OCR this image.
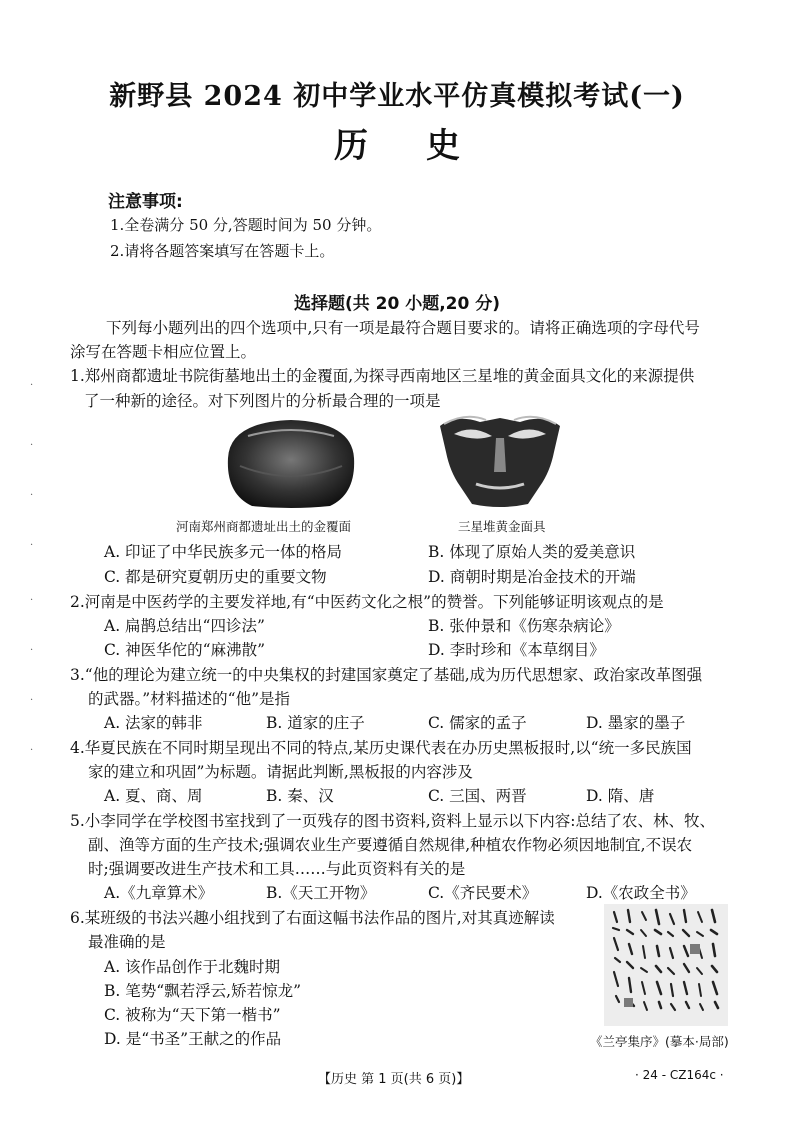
新野县 2024 初中学业水平仿真模拟考试(一)
历史
注意事项:
1.全卷满分 50 分,答题时间为 50 分钟。
2.请将各题答案填写在答题卡上。
选择题(共 20 小题,20 分)
下列每小题列出的四个选项中,只有一项是最符合题目要求的。请将正确选项的字母代号
涂写在答题卡相应位置上。
·
·
·
·
·
·
·
·
1.郑州商都遗址书院街墓地出土的金覆面,为探寻西南地区三星堆的黄金面具文化的来源提供
了一种新的途径。对下列图片的分析最合理的一项是
河南郑州商都遗址出土的金覆面	三星堆黄金面具
A. 印证了中华民族多元一体的格局	B. 体现了原始人类的爱美意识
C. 都是研究夏朝历史的重要文物	D. 商朝时期是冶金技术的开端
2.河南是中医药学的主要发祥地,有“中医药文化之根”的赞誉。下列能够证明该观点的是
A. 扁鹊总结出“四诊法”	B. 张仲景和《伤寒杂病论》
C. 神医华佗的“麻沸散”	D. 李时珍和《本草纲目》
3.“他的理论为建立统一的中央集权的封建国家奠定了基础,成为历代思想家、政治家改革图强
的武器。”材料描述的“他”是指
A. 法家的韩非	B. 道家的庄子	C. 儒家的孟子	D. 墨家的墨子
4.华夏民族在不同时期呈现出不同的特点,某历史课代表在办历史黑板报时,以“统一多民族国
家的建立和巩固”为标题。请据此判断,黑板报的内容涉及
A. 夏、商、周	B. 秦、汉	C. 三国、两晋	D. 隋、唐
5.小李同学在学校图书室找到了一页残存的图书资料,资料上显示以下内容:总结了农、林、牧、
副、渔等方面的生产技术;强调农业生产要遵循自然规律,种植农作物必须因地制宜,不误农
时;强调要改进生产技术和工具……与此页资料有关的是
A.《九章算术》	B.《天工开物》	C.《齐民要术》	D.《农政全书》
6.某班级的书法兴趣小组找到了右面这幅书法作品的图片,对其真迹解读
最准确的是
A. 该作品创作于北魏时期
B. 笔势“飘若浮云,矫若惊龙”
C. 被称为“天下第一楷书”
D. 是“书圣”王献之的作品	《兰亭集序》(摹本·局部)
【历史 第 1 页(共 6 页)】	· 24 - CZ164c ·
